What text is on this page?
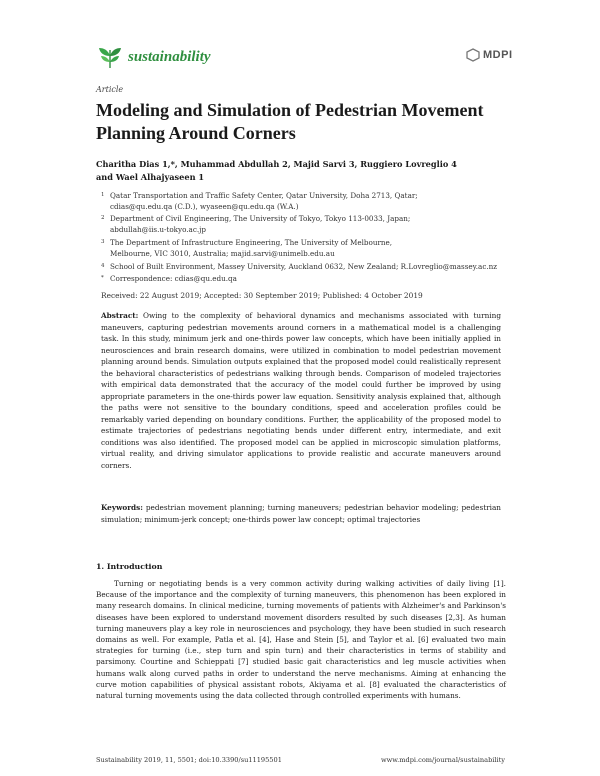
sustainability	MDPI
Article
Modeling and Simulation of Pedestrian Movement Planning Around Corners
Charitha Dias 1,*, Muhammad Abdullah 2, Majid Sarvi 3, Ruggiero Lovreglio 4
and Wael Alhajyaseen 1
1 Qatar Transportation and Traffic Safety Center, Qatar University, Doha 2713, Qatar;
cdias@qu.edu.qa (C.D.), wyaseen@qu.edu.qa (W.A.)
2 Department of Civil Engineering, The University of Tokyo, Tokyo 113-0033, Japan;
abdullah@iis.u-tokyo.ac.jp
3 The Department of Infrastructure Engineering, The University of Melbourne,
Melbourne, VIC 3010, Australia; majid.sarvi@unimelb.edu.au
4 School of Built Environment, Massey University, Auckland 0632, New Zealand; R.Lovreglio@massey.ac.nz
* Correspondence: cdias@qu.edu.qa
Received: 22 August 2019; Accepted: 30 September 2019; Published: 4 October 2019
Abstract: Owing to the complexity of behavioral dynamics and mechanisms associated with turning maneuvers, capturing pedestrian movements around corners in a mathematical model is a challenging task. In this study, minimum jerk and one-thirds power law concepts, which have been initially applied in neurosciences and brain research domains, were utilized in combination to model pedestrian movement planning around bends. Simulation outputs explained that the proposed model could realistically represent the behavioral characteristics of pedestrians walking through bends. Comparison of modeled trajectories with empirical data demonstrated that the accuracy of the model could further be improved by using appropriate parameters in the one-thirds power law equation. Sensitivity analysis explained that, although the paths were not sensitive to the boundary conditions, speed and acceleration profiles could be remarkably varied depending on boundary conditions. Further, the applicability of the proposed model to estimate trajectories of pedestrians negotiating bends under different entry, intermediate, and exit conditions was also identified. The proposed model can be applied in microscopic simulation platforms, virtual reality, and driving simulator applications to provide realistic and accurate maneuvers around corners.
Keywords: pedestrian movement planning; turning maneuvers; pedestrian behavior modeling; pedestrian simulation; minimum-jerk concept; one-thirds power law concept; optimal trajectories
1. Introduction

Turning or negotiating bends is a very common activity during walking activities of daily living [1]. Because of the importance and the complexity of turning maneuvers, this phenomenon has been explored in many research domains. In clinical medicine, turning movements of patients with Alzheimer's and Parkinson's diseases have been explored to understand movement disorders resulted by such diseases [2,3]. As human turning maneuvers play a key role in neurosciences and psychology, they have been studied in such research domains as well. For example, Patla et al. [4], Hase and Stein [5], and Taylor et al. [6] evaluated two main strategies for turning (i.e., step turn and spin turn) and their characteristics in terms of stability and parsimony. Courtine and Schieppati [7] studied basic gait characteristics and leg muscle activities when humans walk along curved paths in order to understand the nerve mechanisms. Aiming at enhancing the curve motion capabilities of physical assistant robots, Akiyama et al. [8] evaluated the characteristics of natural turning movements using the data collected through controlled experiments with humans.

Sustainability 2019, 11, 5501; doi:10.3390/su11195501	www.mdpi.com/journal/sustainability
